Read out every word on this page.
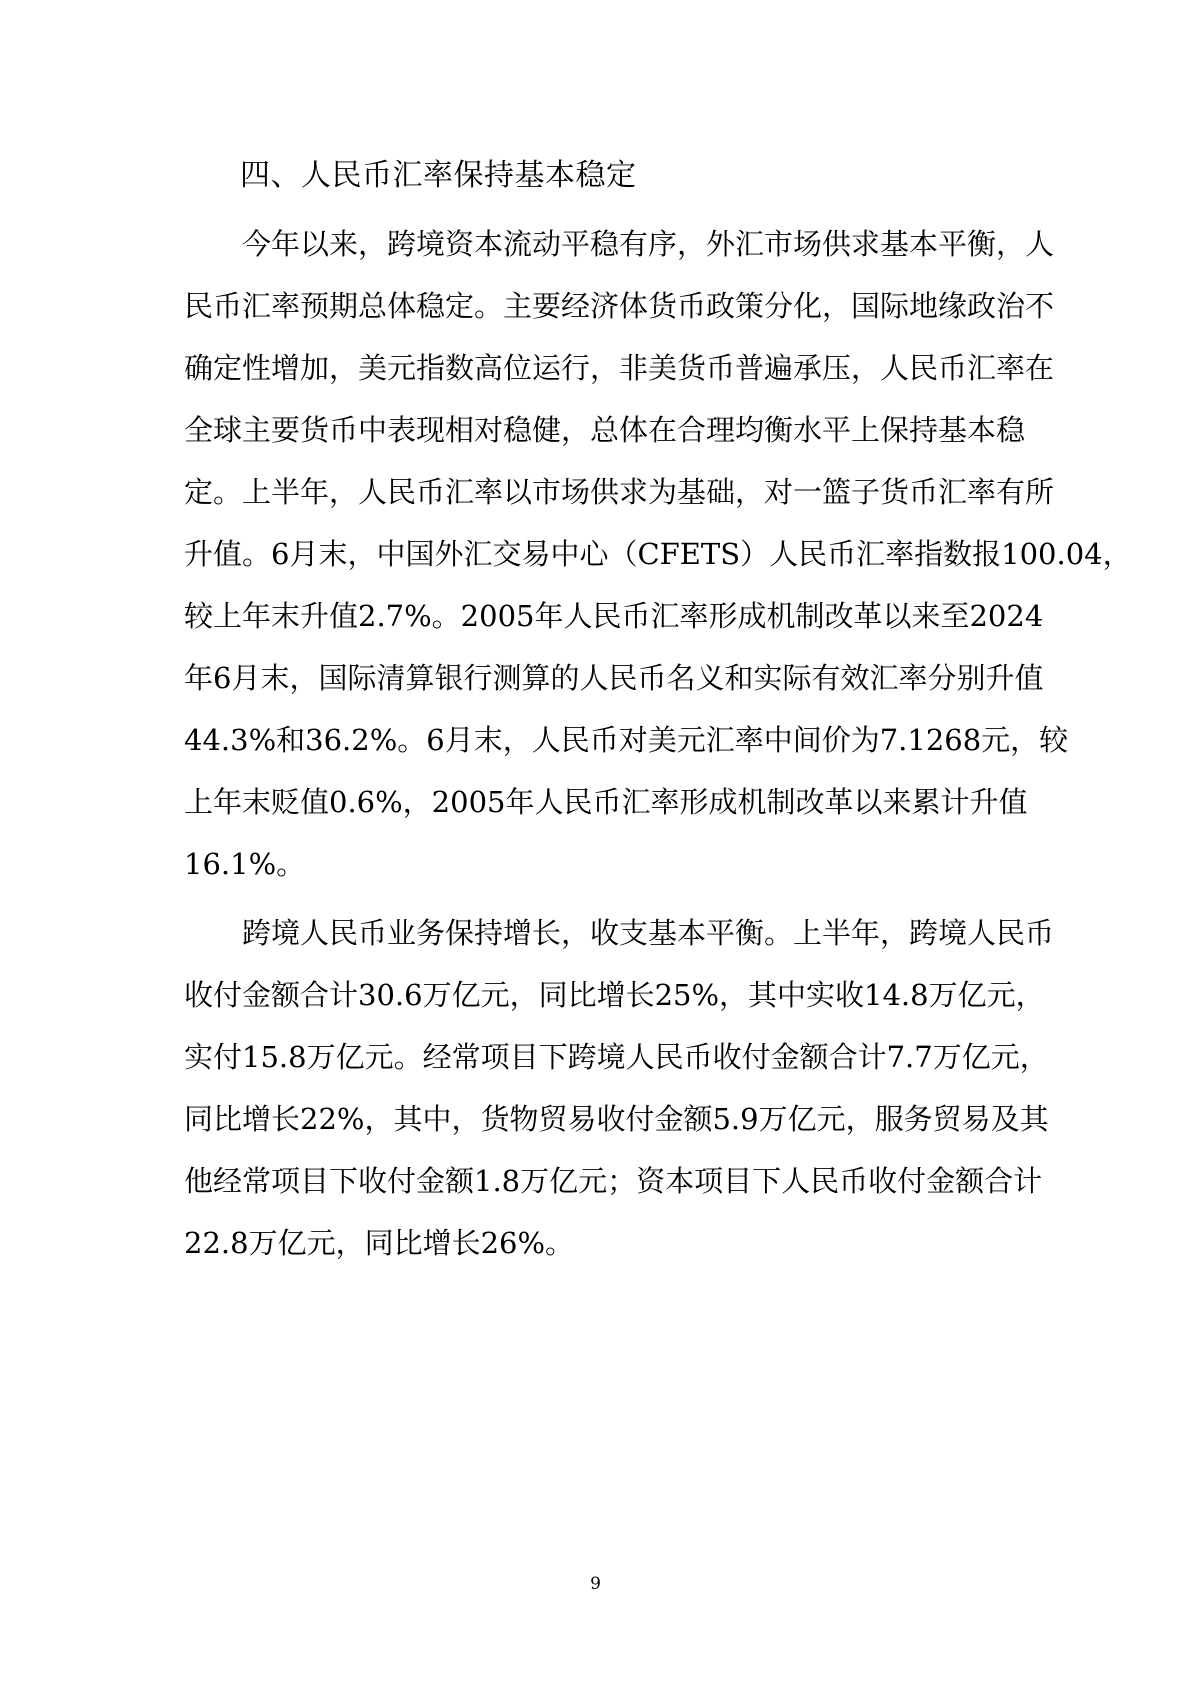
四、人民币汇率保持基本稳定
今年以来，跨境资本流动平稳有序，外汇市场供求基本平衡，人
民币汇率预期总体稳定。主要经济体货币政策分化，国际地缘政治不
确定性增加，美元指数高位运行，非美货币普遍承压，人民币汇率在
全球主要货币中表现相对稳健，总体在合理均衡水平上保持基本稳
定。上半年，人民币汇率以市场供求为基础，对一篮子货币汇率有所
升值。6月末，中国外汇交易中心（CFETS）人民币汇率指数报100.04，
较上年末升值2.7%。2005年人民币汇率形成机制改革以来至2024
年6月末，国际清算银行测算的人民币名义和实际有效汇率分别升值
44.3%和36.2%。6月末，人民币对美元汇率中间价为7.1268元，较
上年末贬值0.6%，2005年人民币汇率形成机制改革以来累计升值
16.1%。
跨境人民币业务保持增长，收支基本平衡。上半年，跨境人民币
收付金额合计30.6万亿元，同比增长25%，其中实收14.8万亿元，
实付15.8万亿元。经常项目下跨境人民币收付金额合计7.7万亿元，
同比增长22%，其中，货物贸易收付金额5.9万亿元，服务贸易及其
他经常项目下收付金额1.8万亿元；资本项目下人民币收付金额合计
22.8万亿元，同比增长26%。
9
